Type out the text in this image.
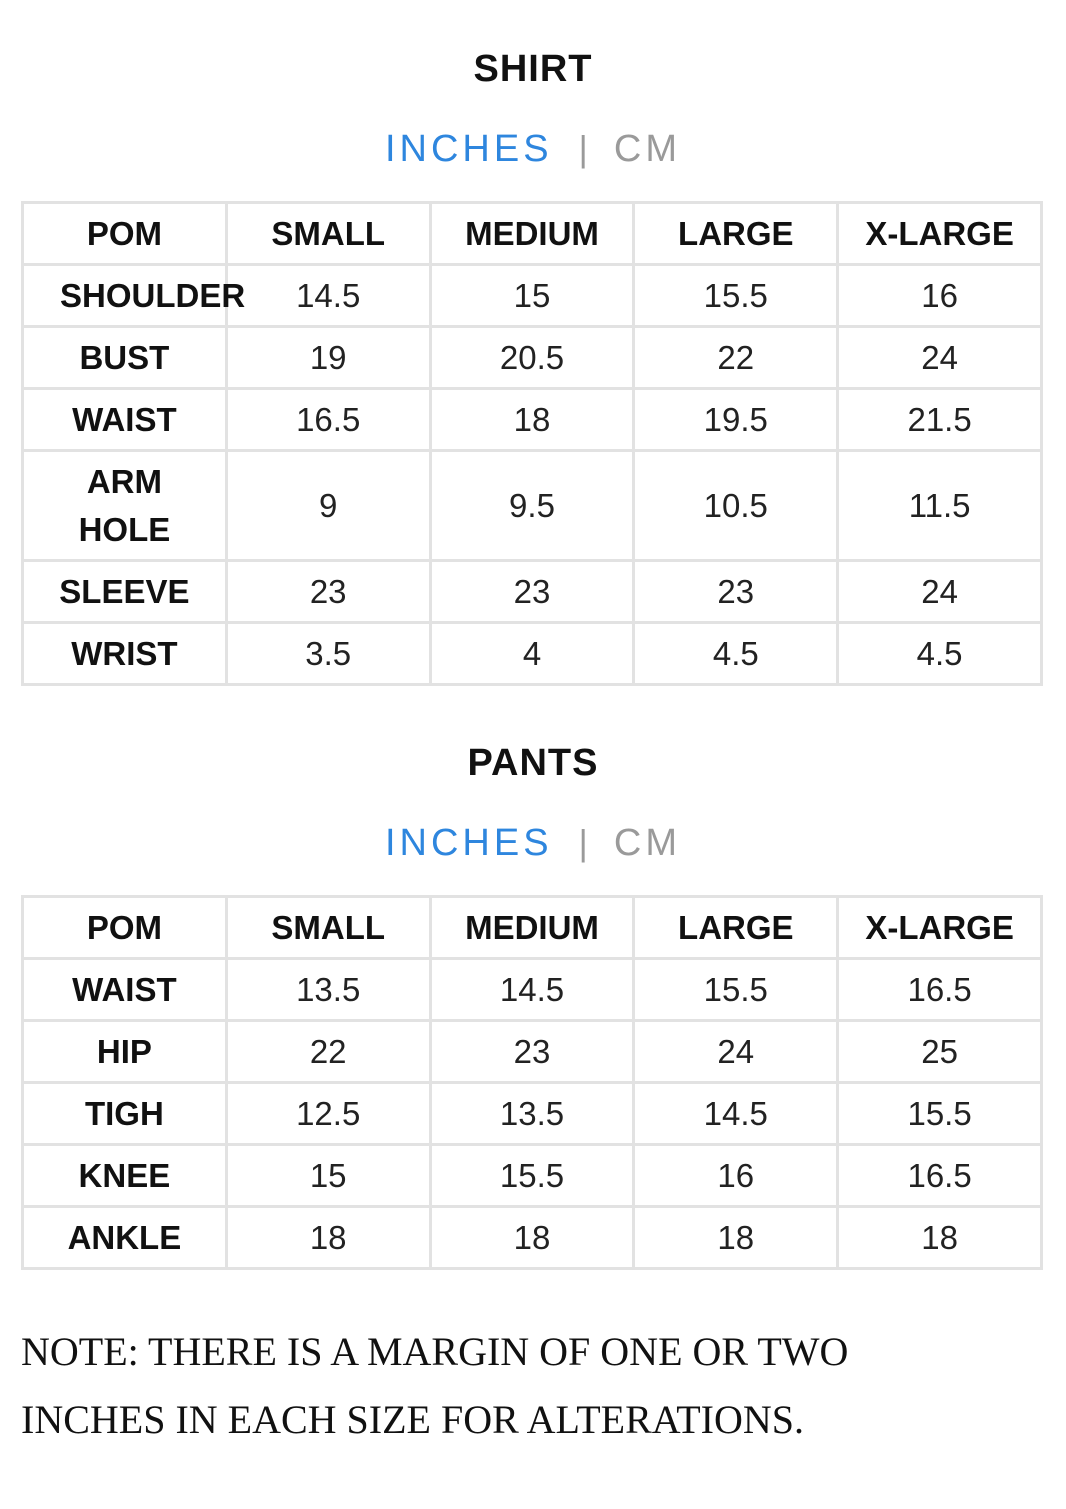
SHIRT
INCHES | CM
POM	SMALL	MEDIUM	LARGE	X-LARGE
SHOULDER	14.5	15	15.5	16
BUST	19	20.5	22	24
WAIST	16.5	18	19.5	21.5
ARM
HOLE	9	9.5	10.5	11.5
SLEEVE	23	23	23	24
WRIST	3.5	4	4.5	4.5
PANTS
INCHES | CM
POM	SMALL	MEDIUM	LARGE	X-LARGE
WAIST	13.5	14.5	15.5	16.5
HIP	22	23	24	25
TIGH	12.5	13.5	14.5	15.5
KNEE	15	15.5	16	16.5
ANKLE	18	18	18	18

NOTE: THERE IS A MARGIN OF ONE OR TWO
INCHES IN EACH SIZE FOR ALTERATIONS.
